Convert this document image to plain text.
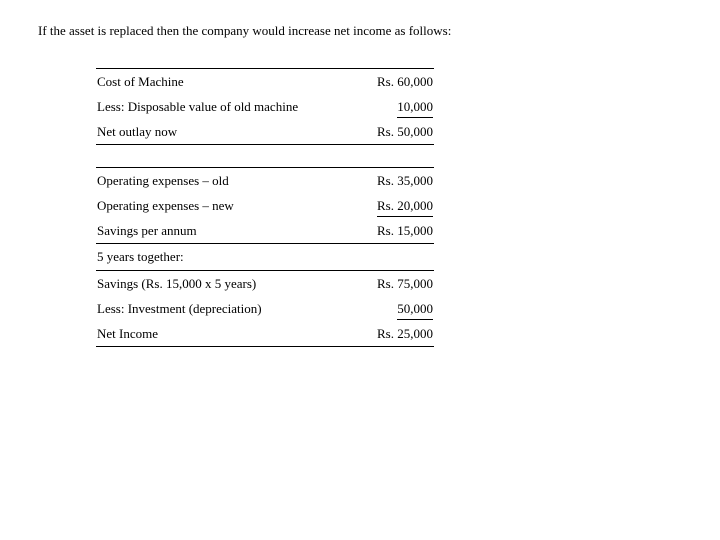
If the asset is replaced then the company would increase net income as follows:
Cost of Machine	Rs. 60,000
Less: Disposable value of old machine	10,000
Net outlay now	Rs. 50,000
Operating expenses – old	Rs. 35,000
Operating expenses – new	Rs. 20,000
Savings per annum	Rs. 15,000
5 years together:
Savings (Rs. 15,000 x 5 years)	Rs. 75,000
Less: Investment (depreciation)	50,000
Net Income	Rs. 25,000
